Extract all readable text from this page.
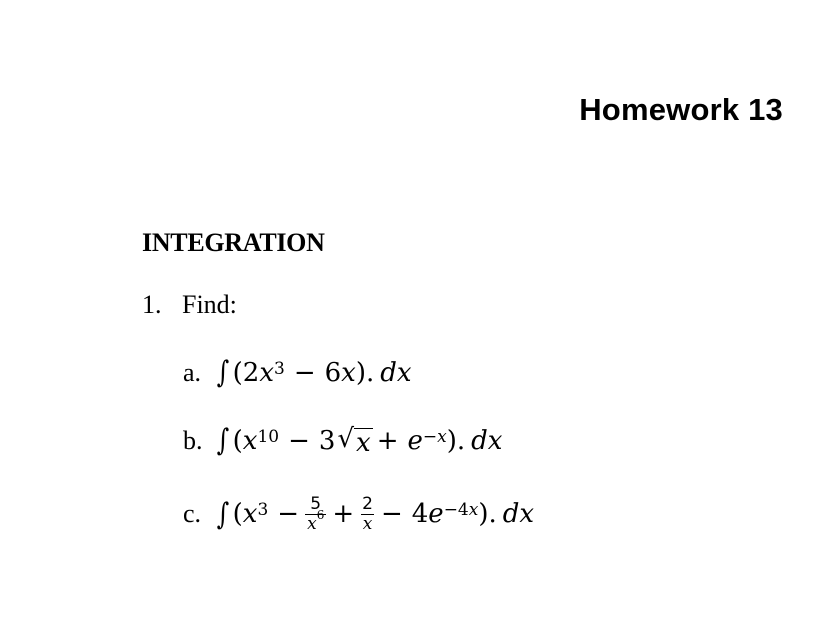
Homework 13
INTEGRATION
1. Find:
a. ∫ (2 $x^3 - 6$ x ). dx
b. ∫ ( $x^{10} - 3$ √ $x + e^{-x}$ ). dx
c. ∫ ( $x^3 - \frac{5}{x^6} + \frac{2}{x} - 4$ $e^{-4x}$ ). dx
